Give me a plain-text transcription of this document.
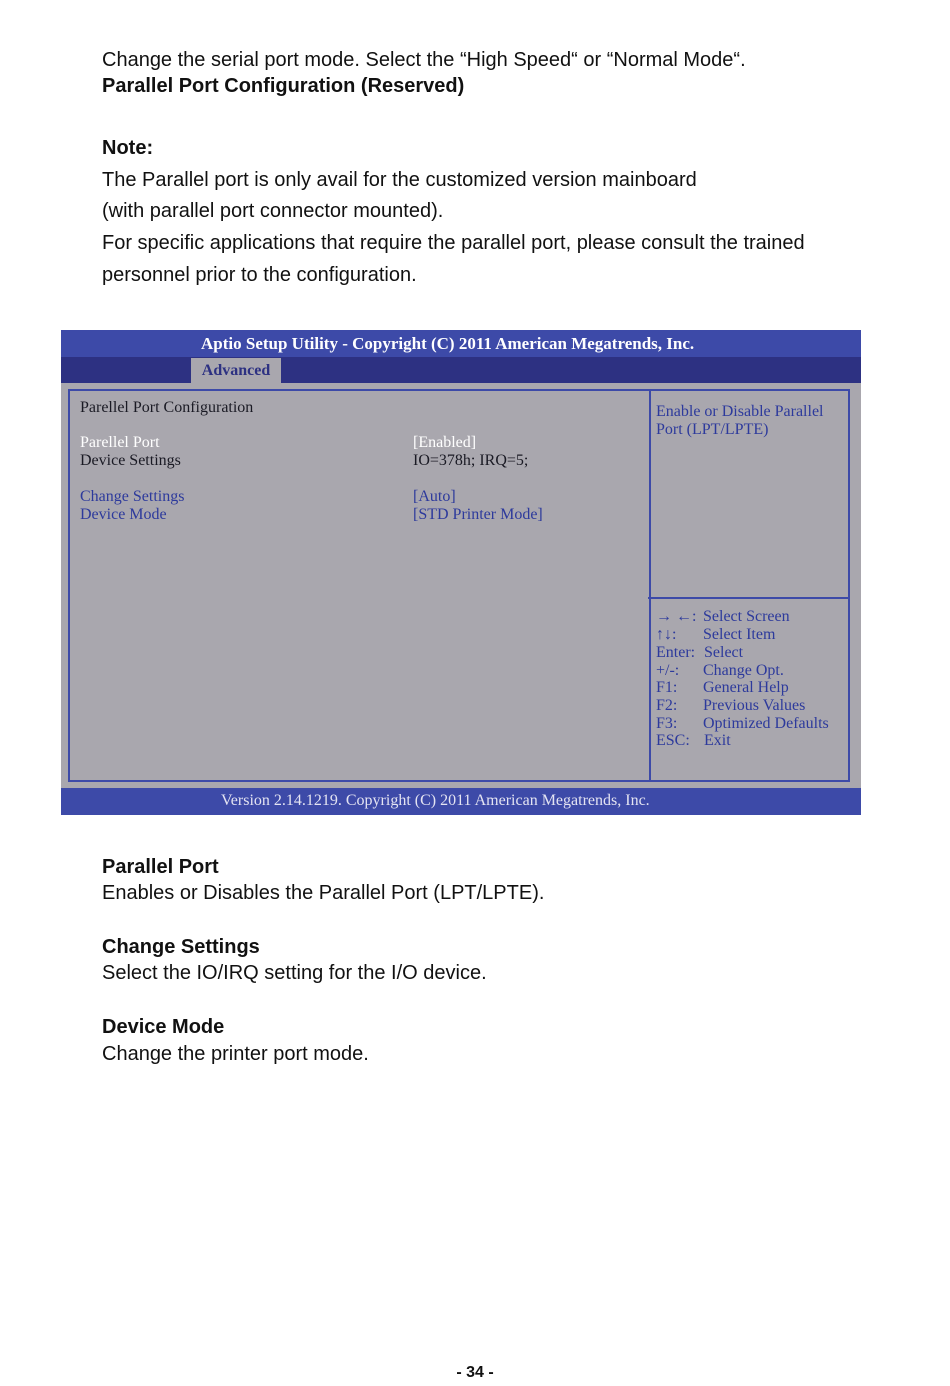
Change the serial port mode. Select the “High Speed“ or “Normal Mode“.
Parallel Port Configuration (Reserved)
Note:
The Parallel port is only avail for the customized version mainboard
(with parallel port connector mounted).
For specific applications that require the parallel port, please consult the trained
personnel prior to the configuration.
Aptio Setup Utility - Copyright (C) 2011 American Megatrends, Inc.
Advanced
Parellel Port Configuration
Parellel Port	[Enabled]
Device Settings	IO=378h; IRQ=5;
Change Settings	[Auto]
Device Mode	[STD Printer Mode]
Enable or Disable Parallel
Port (LPT/LPTE)
→ ←: Select Screen
↑↓: Select Item
Enter: Select
+/-: Change Opt.
F1: General Help
F2: Previous Values
F3: Optimized Defaults
ESC: Exit
Version 2.14.1219. Copyright (C) 2011 American Megatrends, Inc.
Parallel Port
Enables or Disables the Parallel Port (LPT/LPTE).
Change Settings
Select the IO/IRQ setting for the I/O device.
Device Mode
Change the printer port mode.
- 34 -
